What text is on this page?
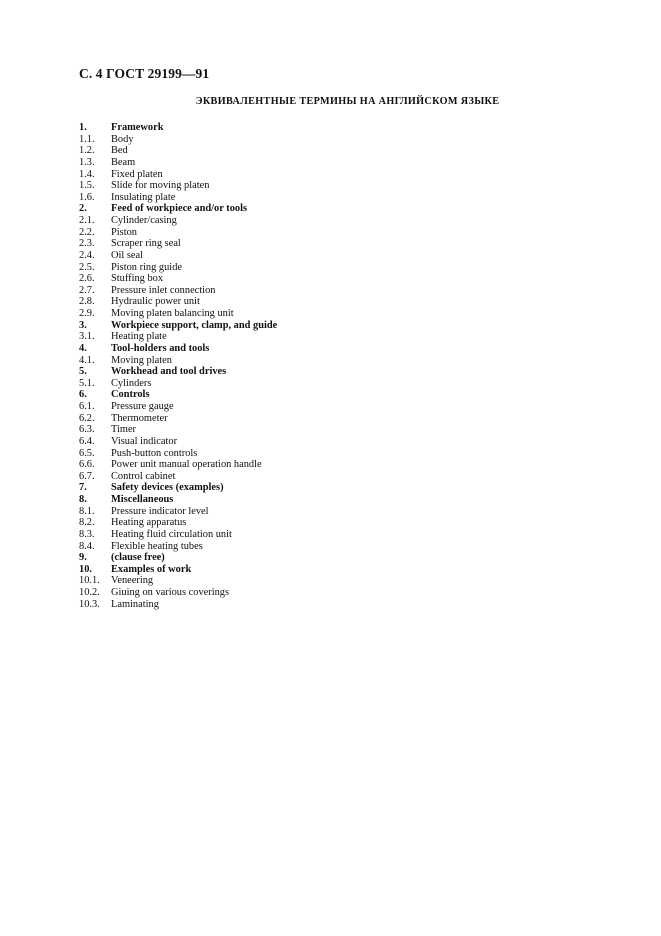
С. 4 ГОСТ 29199—91
ЭКВИВАЛЕНТНЫЕ ТЕРМИНЫ НА АНГЛИЙСКОМ ЯЗЫКЕ
1.	Framework
1.1.	Body
1.2.	Bed
1.3.	Beam
1.4.	Fixed platen
1.5.	Slide for moving platen
1.6.	Insulating plate
2.	Feed of workpiece and/or tools
2.1.	Cylinder/casing
2.2.	Piston
2.3.	Scraper ring seal
2.4.	Oil seal
2.5.	Piston ring guide
2.6.	Stuffing box
2.7.	Pressure inlet connection
2.8.	Hydraulic power unit
2.9.	Moving platen balancing unit
3.	Workpiece support, clamp, and guide
3.1.	Heating plate
4.	Tool-holders and tools
4.1.	Moving platen
5.	Workhead and tool drives
5.1.	Cylinders
6.	Controls
6.1.	Pressure gauge
6.2.	Thermometer
6.3.	Timer
6.4.	Visual indicator
6.5.	Push-button controls
6.6.	Power unit manual operation handle
6.7.	Control cabinet
7.	Safety devices (examples)
8.	Miscellaneous
8.1.	Pressure indicator level
8.2.	Heating apparatus
8.3.	Heating fluid circulation unit
8.4.	Flexible heating tubes
9.	(clause free)
10.	Examples of work
10.1.	Veneering
10.2.	Giuing on various coverings
10.3.	Laminating
